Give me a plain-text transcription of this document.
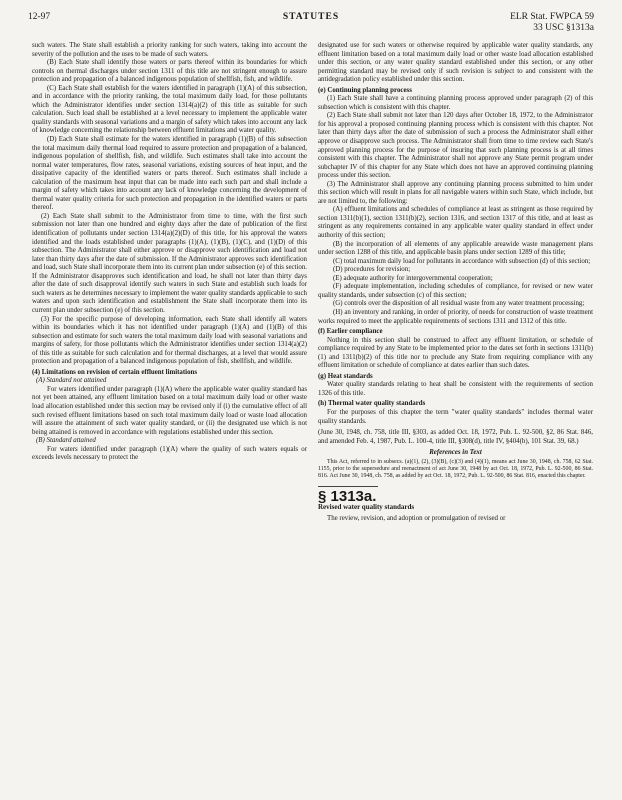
12-97	STATUTES	ELR Stat. FWPCA 59
33 USC §1313a

such waters. The State shall establish a priority ranking for such waters, taking into account the severity of the pollution and the uses to be made of such waters.

(B) Each State shall identify those waters or parts thereof within its boundaries for which controls on thermal discharges under section 1311 of this title are not stringent enough to assure protection and propagation of a balanced indigenous population of shellfish, fish, and wildlife.

(C) Each State shall establish for the waters identified in paragraph (1)(A) of this subsection, and in accordance with the priority ranking, the total maximum daily load, for those pollutants which the Administrator identifies under section 1314(a)(2) of this title as suitable for such calculation. Such load shall be established at a level necessary to implement the applicable water quality standards with seasonal variations and a margin of safety which takes into account any lack of knowledge concerning the relationship between effluent limitations and water quality.

(D) Each State shall estimate for the waters identified in paragraph (1)(B) of this subsection the total maximum daily thermal load required to assure protection and propagation of a balanced, indigenous population of shellfish, fish, and wildlife. Such estimates shall take into account the normal water temperatures, flow rates, seasonal variations, existing sources of heat input, and the dissipative capacity of the identified waters or parts thereof. Such estimates shall include a calculation of the maximum heat input that can be made into each such part and shall include a margin of safety which takes into account any lack of knowledge concerning the development of thermal water quality criteria for such protection and propagation in the identified waters or parts thereof.

(2) Each State shall submit to the Administrator from time to time, with the first such submission not later than one hundred and eighty days after the date of publication of the first identification of pollutants under section 1314(a)(2)(D) of this title, for his approval the waters identified and the loads established under paragraphs (1)(A), (1)(B), (1)(C), and (1)(D) of this subsection. The Administrator shall either approve or disapprove such identification and load not later than thirty days after the date of submission. If the Administrator approves such identification and load, such State shall incorporate them into its current plan under subsection (e) of this section. If the Administrator disapproves such identification and load, he shall not later than thirty days after the date of such disapproval identify such waters in such State and establish such loads for such waters as he determines necessary to implement the water quality standards applicable to such waters and upon such identification and establishment the State shall incorporate them into its current plan under subsection (e) of this section.

(3) For the specific purpose of developing information, each State shall identify all waters within its boundaries which it has not identified under paragraph (1)(A) and (1)(B) of this subsection and estimate for such waters the total maximum daily load with seasonal variations and margins of safety, for those pollutants which the Administrator identifies under section 1314(a)(2) of this title as suitable for such calculation and for thermal discharges, at a level that would assure protection and propagation of a balanced indigenous population of fish, shellfish, and wildlife.

(4) Limitations on revision of certain effluent limitations

(A) Standard not attained

For waters identified under paragraph (1)(A) where the applicable water quality standard has not yet been attained, any effluent limitation based on a total maximum daily load or other waste load allocation established under this section may be revised only if (i) the cumulative effect of all such revised effluent limitations based on such total maximum daily load or waste load allocation will assure the attainment of such water quality standard, or (ii) the designated use which is not being attained is removed in accordance with regulations established under this section.

(B) Standard attained

For waters identified under paragraph (1)(A) where the quality of such waters equals or exceeds levels necessary to protect the

designated use for such waters or otherwise required by applicable water quality standards, any effluent limitation based on a total maximum daily load or other waste load allocation established under this section, or any water quality standard established under this section, or any other permitting standard may be revised only if such revision is subject to and consistent with the antidegradation policy established under this section.

(e) Continuing planning process

(1) Each State shall have a continuing planning process approved under paragraph (2) of this subsection which is consistent with this chapter.

(2) Each State shall submit not later than 120 days after October 18, 1972, to the Administrator for his approval a proposed continuing planning process which is consistent with this chapter. Not later than thirty days after the date of submission of such a process the Administrator shall either approve or disapprove such process. The Administrator shall from time to time review each State's approved planning process for the purpose of insuring that such planning process is at all times consistent with this chapter. The Administrator shall not approve any State permit program under subchapter IV of this chapter for any State which does not have an approved continuing planning process under this section.

(3) The Administrator shall approve any continuing planning process submitted to him under this section which will result in plans for all navigable waters within such State, which include, but are not limited to, the following:

(A) effluent limitations and schedules of compliance at least as stringent as those required by section 1311(b)(1), section 1311(b)(2), section 1316, and section 1317 of this title, and at least as stringent as any requirements contained in any applicable water quality standard in effect under authority of this section;

(B) the incorporation of all elements of any applicable areawide waste management plans under section 1288 of this title, and applicable basin plans under section 1289 of this title;

(C) total maximum daily load for pollutants in accordance with subsection (d) of this section;

(D) procedures for revision;

(E) adequate authority for intergovernmental cooperation;

(F) adequate implementation, including schedules of compliance, for revised or new water quality standards, under subsection (c) of this section;

(G) controls over the disposition of all residual waste from any water treatment processing;

(H) an inventory and ranking, in order of priority, of needs for construction of waste treatment works required to meet the applicable requirements of sections 1311 and 1312 of this title.

(f) Earlier compliance

Nothing in this section shall be construed to affect any effluent limitation, or schedule of compliance required by any State to be implemented prior to the dates set forth in sections 1311(b)(1) and 1311(b)(2) of this title nor to preclude any State from requiring compliance with any effluent limitation or schedule of compliance at dates earlier than such dates.

(g) Heat standards

Water quality standards relating to heat shall be consistent with the requirements of section 1326 of this title.

(h) Thermal water quality standards

For the purposes of this chapter the term "water quality standards" includes thermal water quality standards.

(June 30, 1948, ch. 758, title III, §303, as added Oct. 18, 1972, Pub. L. 92-500, §2, 86 Stat. 846, and amended Feb. 4, 1987, Pub. L. 100-4, title III, §308(d), title IV, §404(b), 101 Stat. 39, 68.)

References in Text

This Act, referred to in subsecs. (a)(1), (2), (3)(B), (c)(3) and (4)(1), means act June 30, 1948, ch. 758, 62 Stat. 1155, prior to the supersedure and reenactment of act June 30, 1948 by act Oct. 18, 1972, Pub. L. 92-500, 86 Stat. 816. Act June 30, 1948, ch. 758, as added by act Oct. 18, 1972, Pub. L. 92-500, 86 Stat. 816, enacted this chapter.

§ 1313a.

Revised water quality standards

The review, revision, and adoption or promulgation of revised or
